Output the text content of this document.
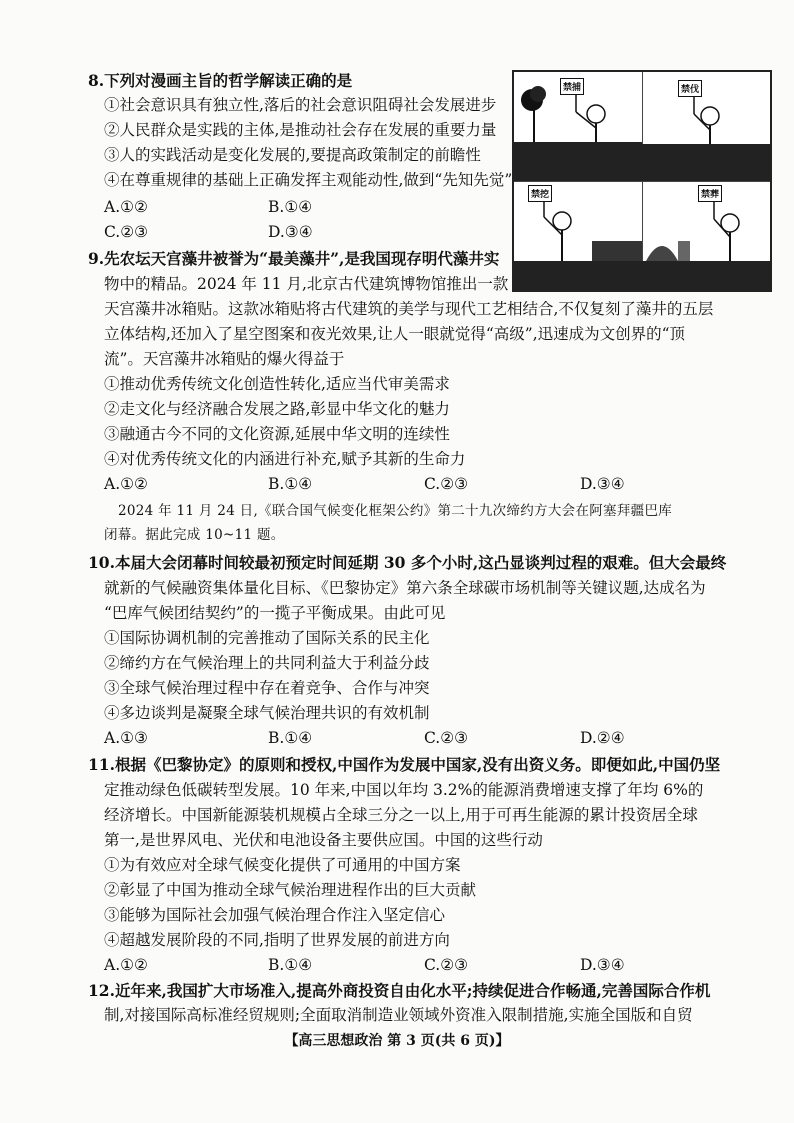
8.下列对漫画主旨的哲学解读正确的是
①社会意识具有独立性,落后的社会意识阻碍社会发展进步
②人民群众是实践的主体,是推动社会存在发展的重要力量
③人的实践活动是变化发展的,要提高政策制定的前瞻性
④在尊重规律的基础上正确发挥主观能动性,做到“先知先觉”
A.①②	B.①④
C.②③	D.③④
禁捕	禁伐
禁挖	禁葬
9.先农坛天宫藻井被誉为“最美藻井”,是我国现存明代藻井实
物中的精品。2024 年 11 月,北京古代建筑博物馆推出一款
天宫藻井冰箱贴。这款冰箱贴将古代建筑的美学与现代工艺相结合,不仅复刻了藻井的五层
立体结构,还加入了星空图案和夜光效果,让人一眼就觉得“高级”,迅速成为文创界的“顶
流”。天宫藻井冰箱贴的爆火得益于
①推动优秀传统文化创造性转化,适应当代审美需求
②走文化与经济融合发展之路,彰显中华文化的魅力
③融通古今不同的文化资源,延展中华文明的连续性
④对优秀传统文化的内涵进行补充,赋予其新的生命力
A.①②	B.①④	C.②③	D.③④
2024 年 11 月 24 日,《联合国气候变化框架公约》第二十九次缔约方大会在阿塞拜疆巴库
闭幕。据此完成 10~11 题。
10.本届大会闭幕时间较最初预定时间延期 30 多个小时,这凸显谈判过程的艰难。但大会最终
就新的气候融资集体量化目标、《巴黎协定》第六条全球碳市场机制等关键议题,达成名为
“巴库气候团结契约”的一揽子平衡成果。由此可见
①国际协调机制的完善推动了国际关系的民主化
②缔约方在气候治理上的共同利益大于利益分歧
③全球气候治理过程中存在着竞争、合作与冲突
④多边谈判是凝聚全球气候治理共识的有效机制
A.①③	B.①④	C.②③	D.②④
11.根据《巴黎协定》的原则和授权,中国作为发展中国家,没有出资义务。即便如此,中国仍坚
定推动绿色低碳转型发展。10 年来,中国以年均 3.2%的能源消费增速支撑了年均 6%的
经济增长。中国新能源装机规模占全球三分之一以上,用于可再生能源的累计投资居全球
第一,是世界风电、光伏和电池设备主要供应国。中国的这些行动
①为有效应对全球气候变化提供了可通用的中国方案
②彰显了中国为推动全球气候治理进程作出的巨大贡献
③能够为国际社会加强气候治理合作注入坚定信心
④超越发展阶段的不同,指明了世界发展的前进方向
A.①②	B.①④	C.②③	D.③④
12.近年来,我国扩大市场准入,提高外商投资自由化水平;持续促进合作畅通,完善国际合作机
制,对接国际高标准经贸规则;全面取消制造业领域外资准入限制措施,实施全国版和自贸
【高三思想政治 第 3 页(共 6 页)】
